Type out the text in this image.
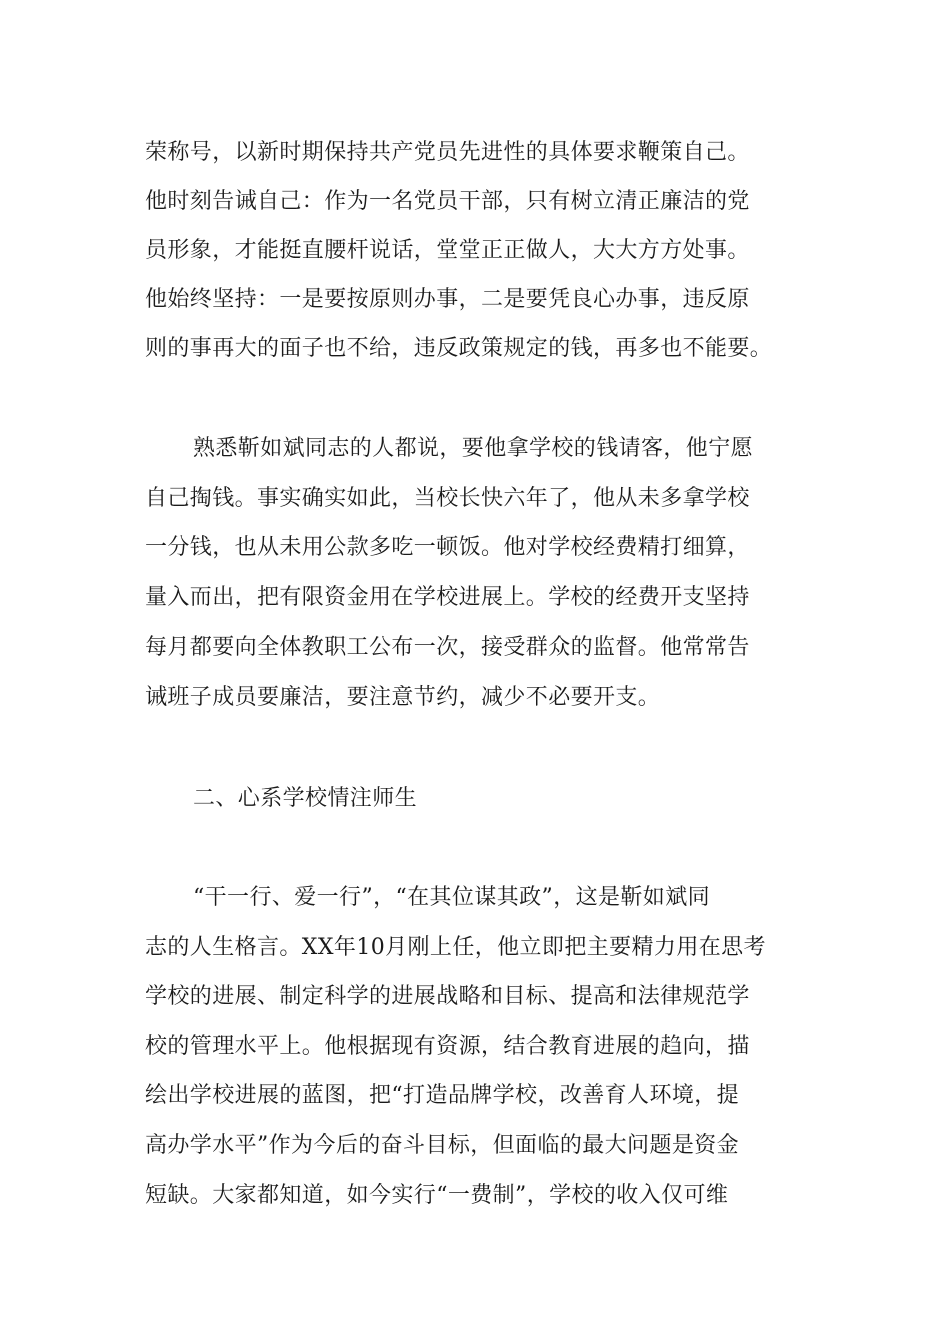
荣称号，以新时期保持共产党员先进性的具体要求鞭策自己。
他时刻告诫自己：作为一名党员干部，只有树立清正廉洁的党
员形象，才能挺直腰杆说话，堂堂正正做人，大大方方处事。
他始终坚持：一是要按原则办事，二是要凭良心办事，违反原
则的事再大的面子也不给，违反政策规定的钱，再多也不能要。
熟悉靳如斌同志的人都说，要他拿学校的钱请客，他宁愿
自己掏钱。事实确实如此，当校长快六年了，他从未多拿学校
一分钱，也从未用公款多吃一顿饭。他对学校经费精打细算，
量入而出，把有限资金用在学校进展上。学校的经费开支坚持
每月都要向全体教职工公布一次，接受群众的监督。他常常告
诫班子成员要廉洁，要注意节约，减少不必要开支。
二、心系学校情注师生
“干一行、爱一行”，“在其位谋其政”，这是靳如斌同
志的人生格言。XX年10月刚上任，他立即把主要精力用在思考
学校的进展、制定科学的进展战略和目标、提高和法律规范学
校的管理水平上。他根据现有资源，结合教育进展的趋向，描
绘出学校进展的蓝图，把“打造品牌学校，改善育人环境，提
高办学水平”作为今后的奋斗目标，但面临的最大问题是资金
短缺。大家都知道，如今实行“一费制”，学校的收入仅可维
